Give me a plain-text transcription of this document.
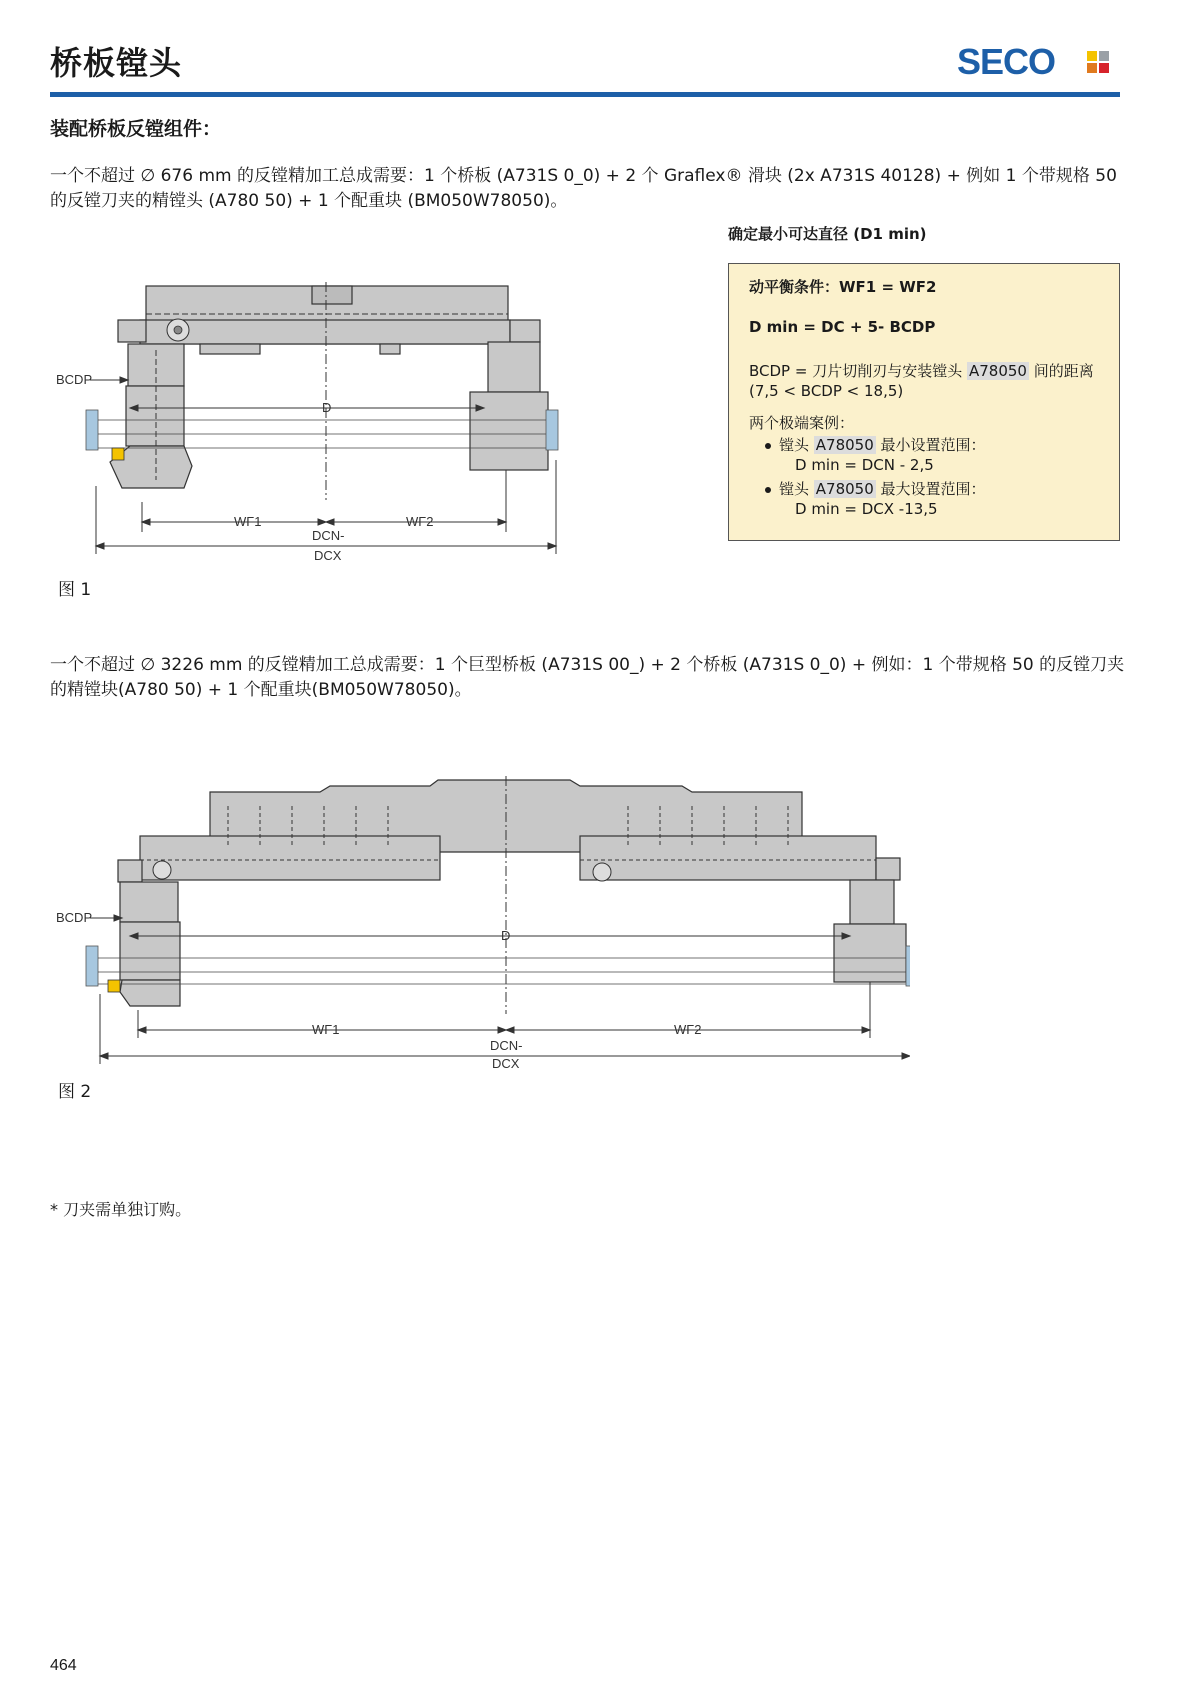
桥板镗头	SECO
装配桥板反镗组件：
一个不超过 ∅ 676 mm 的反镗精加工总成需要：1 个桥板 (A731S 0_0) + 2 个 Graflex® 滑块 (2x A731S 40128) + 例如 1 个带规格 50的反镗刀夹的精镗头 (A780 50) + 1 个配重块 (BM050W78050)。
BCDP
D
WF1	WF2
DCN-
DCX
确定最小可达直径 (D1 min)
动平衡条件：WF1 = WF2
D min = DC + 5- BCDP
BCDP = 刀片切削刃与安装镗头 A78050 间的距离
(7,5 < BCDP < 18,5)
两个极端案例：
镗头 A78050 最小设置范围：
D min = DCN - 2,5
镗头 A78050 最大设置范围：
D min = DCX -13,5
图 1
一个不超过 ∅ 3226 mm 的反镗精加工总成需要：1 个巨型桥板 (A731S 00_) + 2 个桥板 (A731S 0_0) + 例如：1 个带规格 50 的反镗刀夹的精镗块(A780 50) + 1 个配重块(BM050W78050)。
BCDP
D
WF1	WF2
DCN-
DCX
图 2
* 刀夹需单独订购。
464
